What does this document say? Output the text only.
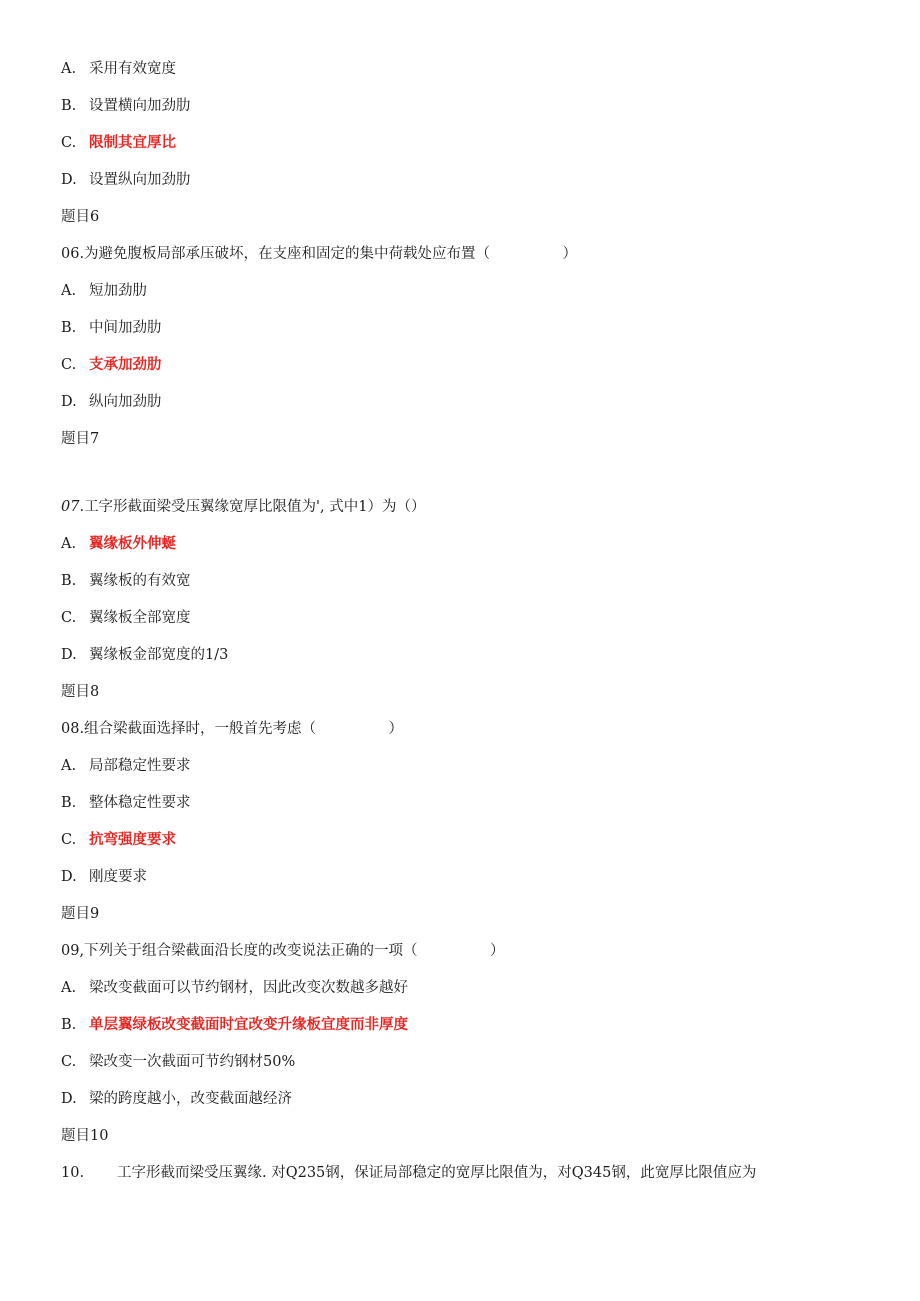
A. 采用有效宽度
B. 设置横向加劲肋
C. 限制其宜厚比
D. 设置纵向加劲肋
题目6
06.为避免腹板局部承压破坏，在支座和固定的集中荷载处应布置（　　　　　）
A. 短加劲肋
B. 中间加劲肋
C. 支承加劲肋
D. 纵向加劲肋
题目7
07.工字形截面梁受压翼缘宽厚比限值为', 式中1）为（）
A. 翼缘板外伸蜒
B. 翼缘板的有效宽
C. 翼缘板全部宽度
D. 翼缘板金部宽度的1/3
题目8
08.组合梁截面选择时，一般首先考虑（　　　　　）
A. 局部稳定性要求
B. 整体稳定性要求
C. 抗弯强度要求
D. 刚度要求
题目9
09,下列关于组合梁截面沿长度的改变说法正确的一项（　　　　　）
A. 梁改变截面可以节约钢材，因此改变次数越多越好
B. 单层翼绿板改变截面时宜改变升缘板宜度而非厚度
C. 梁改变一次截面可节约钢材50%
D. 梁的跨度越小，改变截面越经济
题目10
10. 工字形截而梁受压翼缘. 对Q235钢，保证局部稳定的宽厚比限值为，对Q345钢，此宽厚比限值应为
